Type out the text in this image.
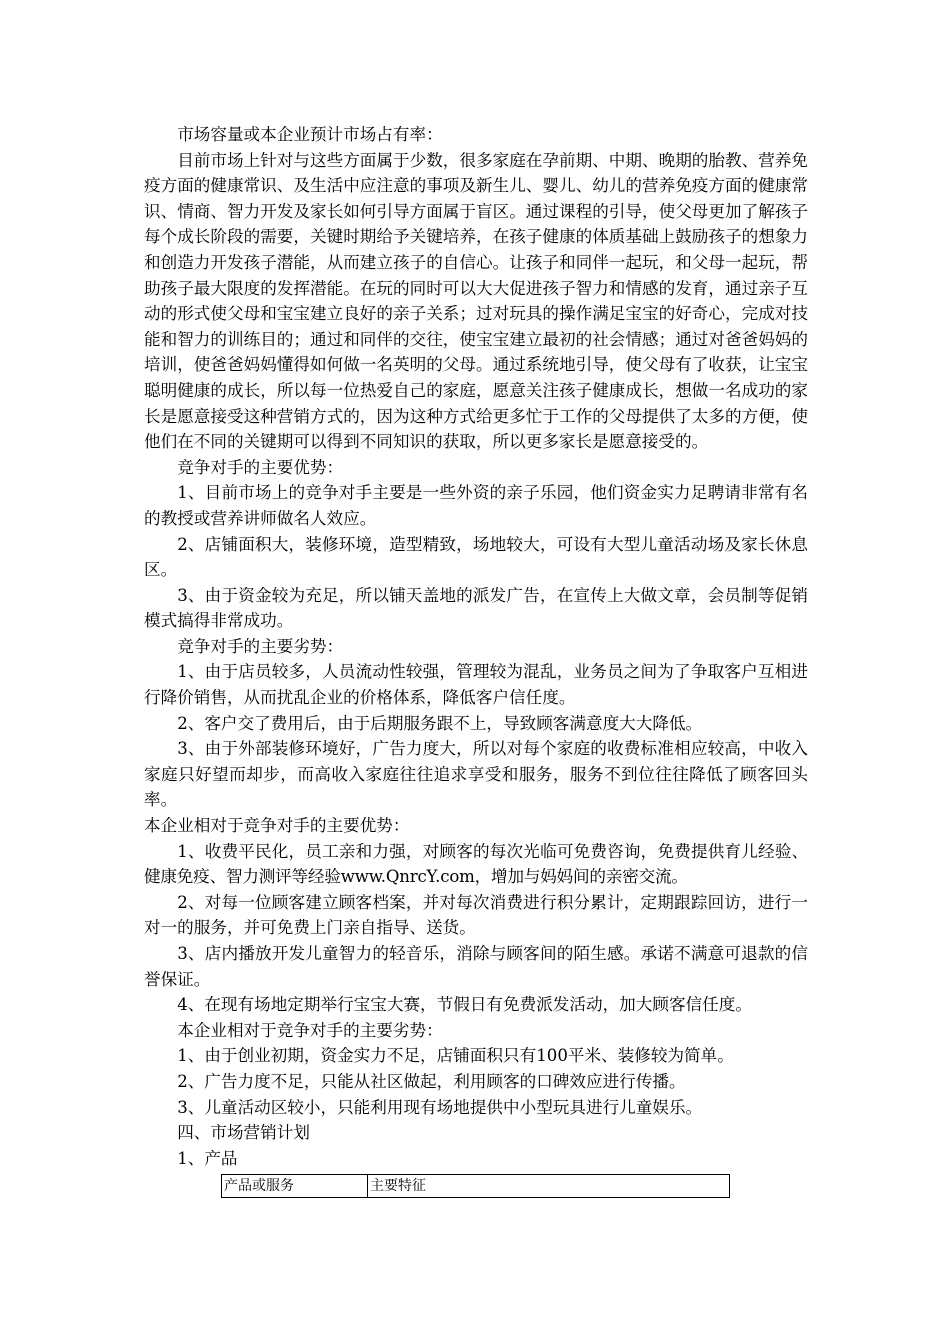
市场容量或本企业预计市场占有率：

目前市场上针对与这些方面属于少数，很多家庭在孕前期、中期、晚期的胎教、营养免疫方面的健康常识、及生活中应注意的事项及新生儿、婴儿、幼儿的营养免疫方面的健康常识、情商、智力开发及家长如何引导方面属于盲区。通过课程的引导，使父母更加了解孩子每个成长阶段的需要，关键时期给予关键培养，在孩子健康的体质基础上鼓励孩子的想象力和创造力开发孩子潜能，从而建立孩子的自信心。让孩子和同伴一起玩，和父母一起玩，帮助孩子最大限度的发挥潜能。在玩的同时可以大大促进孩子智力和情感的发育，通过亲子互动的形式使父母和宝宝建立良好的亲子关系；过对玩具的操作满足宝宝的好奇心，完成对技能和智力的训练目的；通过和同伴的交往，使宝宝建立最初的社会情感；通过对爸爸妈妈的培训，使爸爸妈妈懂得如何做一名英明的父母。通过系统地引导，使父母有了收获，让宝宝聪明健康的成长，所以每一位热爱自己的家庭，愿意关注孩子健康成长，想做一名成功的家长是愿意接受这种营销方式的，因为这种方式给更多忙于工作的父母提供了太多的方便，使他们在不同的关键期可以得到不同知识的获取，所以更多家长是愿意接受的。

竞争对手的主要优势：

1、目前市场上的竞争对手主要是一些外资的亲子乐园，他们资金实力足聘请非常有名的教授或营养讲师做名人效应。

2、店铺面积大，装修环境，造型精致，场地较大，可设有大型儿童活动场及家长休息区。

3、由于资金较为充足，所以铺天盖地的派发广告，在宣传上大做文章，会员制等促销模式搞得非常成功。

竞争对手的主要劣势：

1、由于店员较多，人员流动性较强，管理较为混乱，业务员之间为了争取客户互相进行降价销售，从而扰乱企业的价格体系，降低客户信任度。

2、客户交了费用后，由于后期服务跟不上，导致顾客满意度大大降低。

3、由于外部装修环境好，广告力度大，所以对每个家庭的收费标准相应较高，中收入家庭只好望而却步，而高收入家庭往往追求享受和服务，服务不到位往往降低了顾客回头率。

本企业相对于竞争对手的主要优势：

1、收费平民化，员工亲和力强，对顾客的每次光临可免费咨询，免费提供育儿经验、健康免疫、智力测评等经验www.QnrcY.com，增加与妈妈间的亲密交流。

2、对每一位顾客建立顾客档案，并对每次消费进行积分累计，定期跟踪回访，进行一对一的服务，并可免费上门亲自指导、送货。

3、店内播放开发儿童智力的轻音乐，消除与顾客间的陌生感。承诺不满意可退款的信誉保证。

4、在现有场地定期举行宝宝大赛，节假日有免费派发活动，加大顾客信任度。

本企业相对于竞争对手的主要劣势：

1、由于创业初期，资金实力不足，店铺面积只有100平米、装修较为简单。

2、广告力度不足，只能从社区做起，利用顾客的口碑效应进行传播。

3、儿童活动区较小，只能利用现有场地提供中小型玩具进行儿童娱乐。

四、市场营销计划

1、产品

产品或服务	主要特征
